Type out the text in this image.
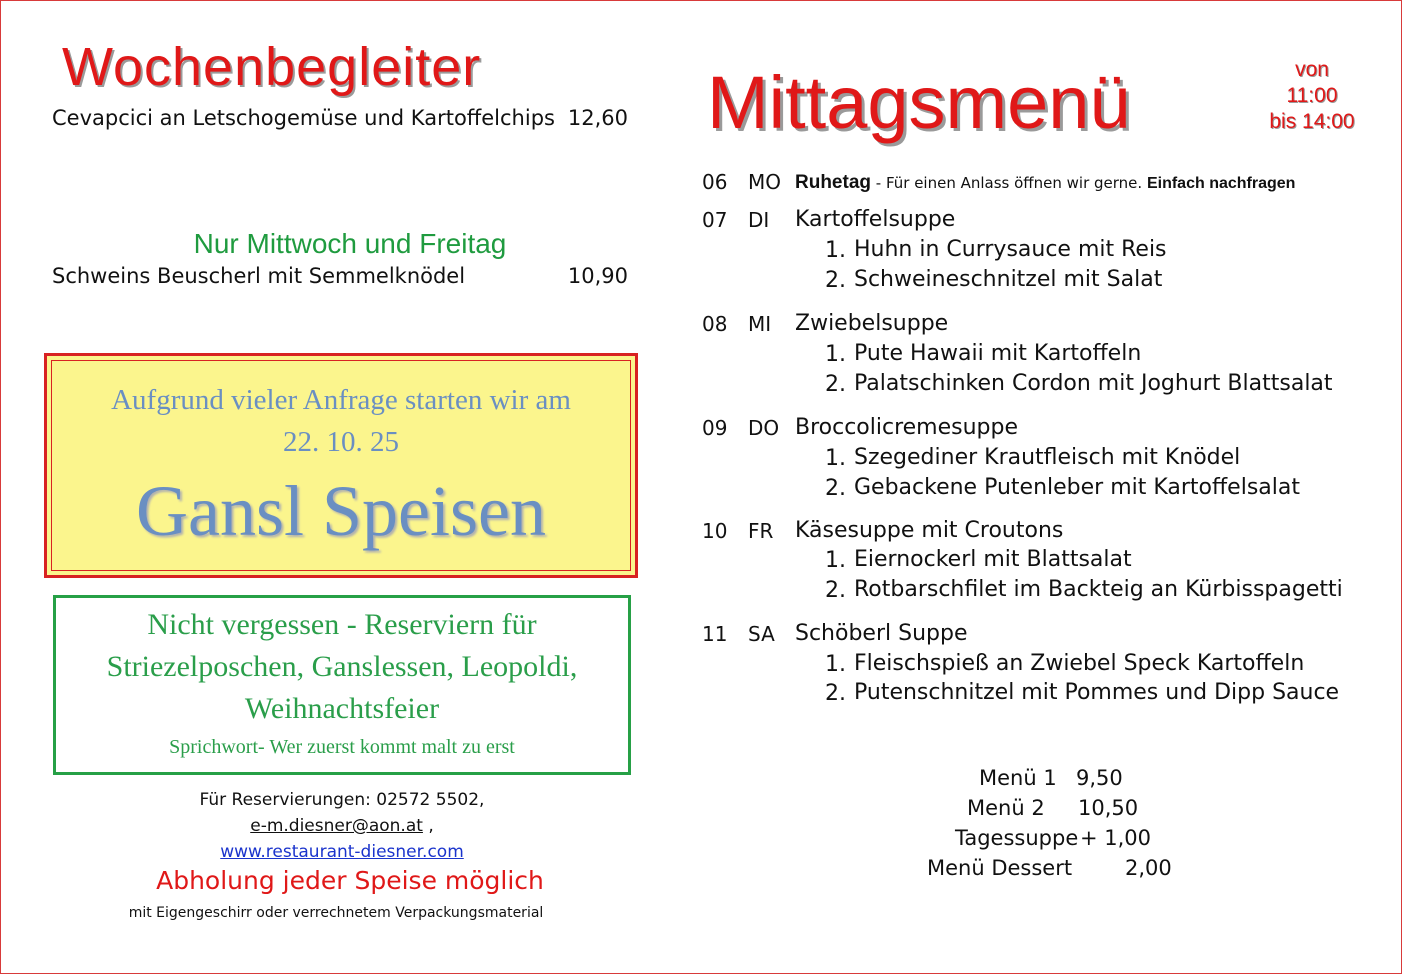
Wochenbegleiter
Cevapcici an Letschogemüse und Kartoffelchips 12,60
Nur Mittwoch und Freitag
Schweins Beuscherl mit Semmelknödel	10,90
Aufgrund vieler Anfrage starten wir am
22. 10. 25
Gansl Speisen
Nicht vergessen - Reserviern für
Striezelposchen, Ganslessen, Leopoldi,
Weihnachtsfeier
Sprichwort- Wer zuerst kommt malt zu erst
Für Reservierungen: 02572 5502,
e-m.diesner@aon.at ,
www.restaurant-diesner.com
Abholung jeder Speise möglich
mit Eigengeschirr oder verrechnetem Verpackungsmaterial
Mittagsmenü	von
11:00
bis 14:00
06 MO Ruhetag - Für einen Anlass öffnen wir gerne. Einfach nachfragen
07 DI Kartoffelsuppe
1. Huhn in Currysauce mit Reis
2. Schweineschnitzel mit Salat
08 MI Zwiebelsuppe
1. Pute Hawaii mit Kartoffeln
2. Palatschinken Cordon mit Joghurt Blattsalat
09 DO Broccolicremesuppe
1. Szegediner Krautfleisch mit Knödel
2. Gebackene Putenleber mit Kartoffelsalat
10 FR Käsesuppe mit Croutons
1. Eiernockerl mit Blattsalat
2. Rotbarschfilet im Backteig an Kürbisspagetti
11 SA Schöberl Suppe
1. Fleischspieß an Zwiebel Speck Kartoffeln
2. Putenschnitzel mit Pommes und Dipp Sauce
Menü 1 9,50
Menü 2 10,50
Tagessuppe + 1,00
Menü Dessert	2,00
